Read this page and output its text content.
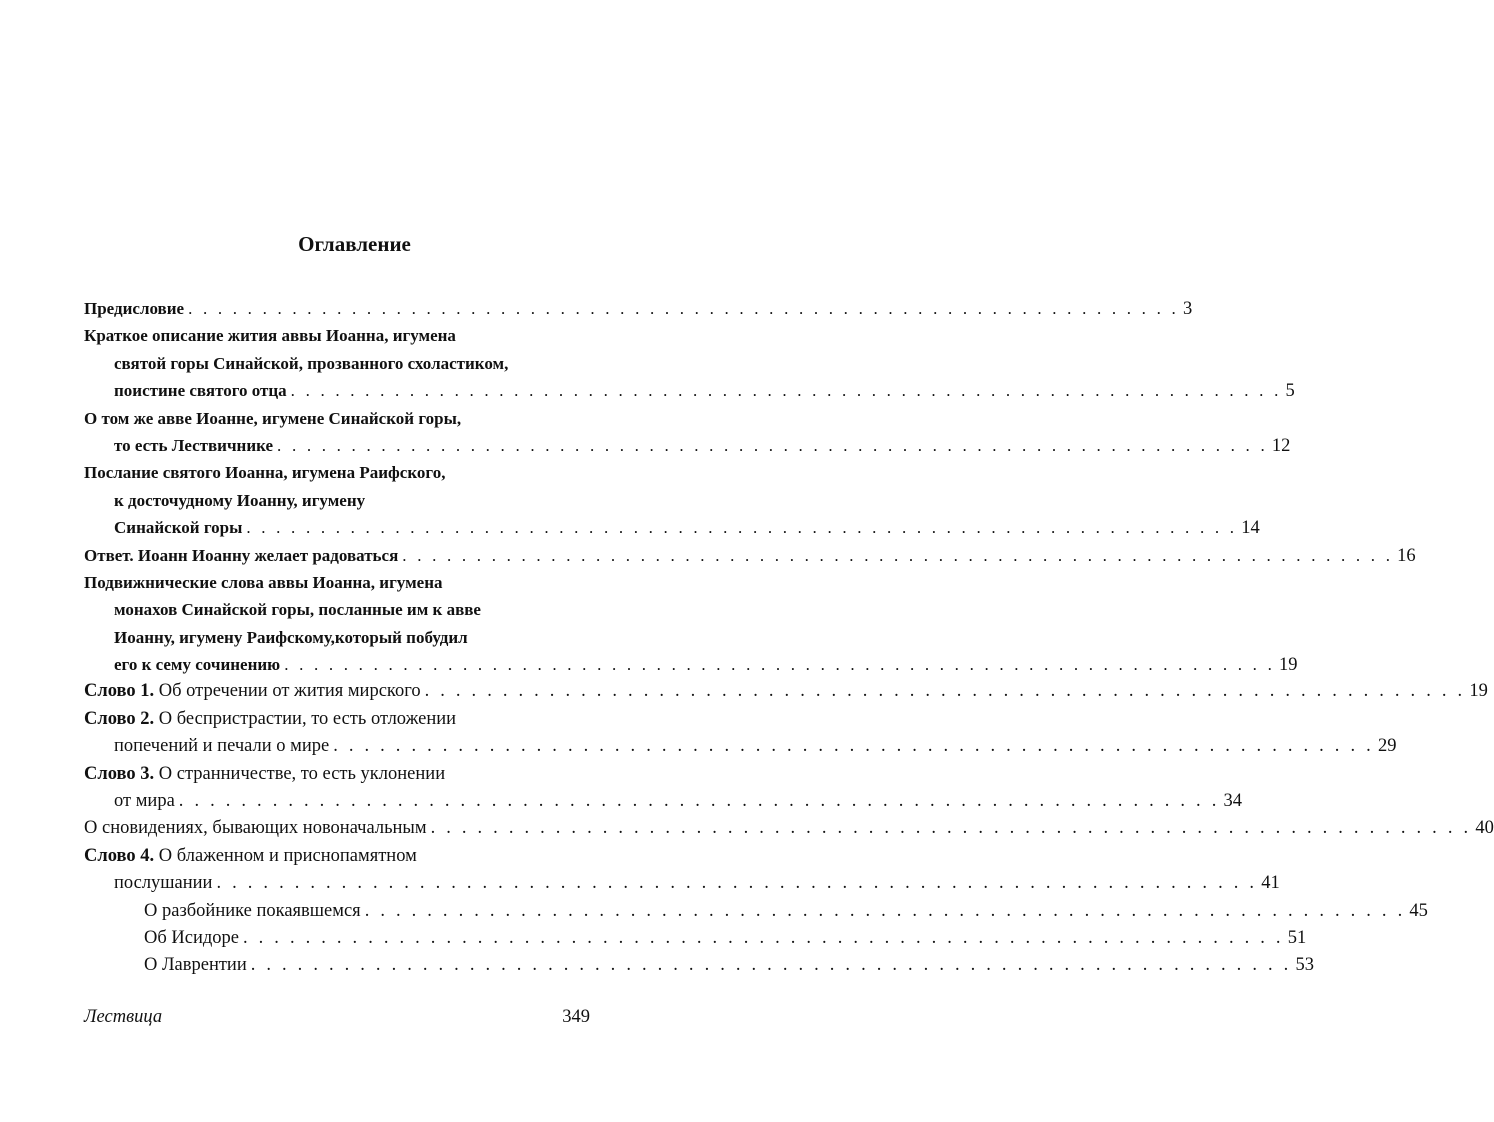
Оглавление
Предисловие . . . . . . . . . . . . . . . . . . . . . . . . . . . . . . . . . . . . . . . . . . . . . . . . . . . . . . . . . . . . . . . . . . . 3
Краткое описание жития аввы Иоанна, игумена
святой горы Синайской, прозванного схоластиком,
поистине святого отца . . . . . . . . . . . . . . . . . . . . . . . . . . . . . . . . . . . . . . . . . . . . . . . . . . . . . . . . . . . . . . . . . . . 5
О том же авве Иоанне, игумене Синайской горы,
то есть Лествичнике . . . . . . . . . . . . . . . . . . . . . . . . . . . . . . . . . . . . . . . . . . . . . . . . . . . . . . . . . . . . . . . . . . . 12
Послание святого Иоанна, игумена Раифского,
к досточудному Иоанну, игумену
Синайской горы . . . . . . . . . . . . . . . . . . . . . . . . . . . . . . . . . . . . . . . . . . . . . . . . . . . . . . . . . . . . . . . . . . . 14
Ответ. Иоанн Иоанну желает радоваться . . . . . . . . . . . . . . . . . . . . . . . . . . . . . . . . . . . . . . . . . . . . . . . . . . . . . . . . . . . . . . . . . . . 16
Подвижнические слова аввы Иоанна, игумена
монахов Синайской горы, посланные им к авве
Иоанну, игумену Раифскому,который побудил
его к сему сочинению . . . . . . . . . . . . . . . . . . . . . . . . . . . . . . . . . . . . . . . . . . . . . . . . . . . . . . . . . . . . . . . . . . . 19
Слово 1. Об отречении от жития мирского . . . . . . . . . . . . . . . . . . . . . . . . . . . . . . . . . . . . . . . . . . . . . . . . . . . . . . . . . . . . . . . . . . . 19
Слово 2. О беспристрастии, то есть отложении
попечений и печали о мире . . . . . . . . . . . . . . . . . . . . . . . . . . . . . . . . . . . . . . . . . . . . . . . . . . . . . . . . . . . . . . . . . . . 29
Слово 3. О странничестве, то есть уклонении
от мира . . . . . . . . . . . . . . . . . . . . . . . . . . . . . . . . . . . . . . . . . . . . . . . . . . . . . . . . . . . . . . . . . . . 34
О сновидениях, бывающих новоначальным . . . . . . . . . . . . . . . . . . . . . . . . . . . . . . . . . . . . . . . . . . . . . . . . . . . . . . . . . . . . . . . . . . . 40
Слово 4. О блаженном и приснопамятном
послушании . . . . . . . . . . . . . . . . . . . . . . . . . . . . . . . . . . . . . . . . . . . . . . . . . . . . . . . . . . . . . . . . . . . 41
О разбойнике покаявшемся . . . . . . . . . . . . . . . . . . . . . . . . . . . . . . . . . . . . . . . . . . . . . . . . . . . . . . . . . . . . . . . . . . . 45
Об Исидоре . . . . . . . . . . . . . . . . . . . . . . . . . . . . . . . . . . . . . . . . . . . . . . . . . . . . . . . . . . . . . . . . . . . 51
О Лаврентии . . . . . . . . . . . . . . . . . . . . . . . . . . . . . . . . . . . . . . . . . . . . . . . . . . . . . . . . . . . . . . . . . . . 53
Лествица	349
